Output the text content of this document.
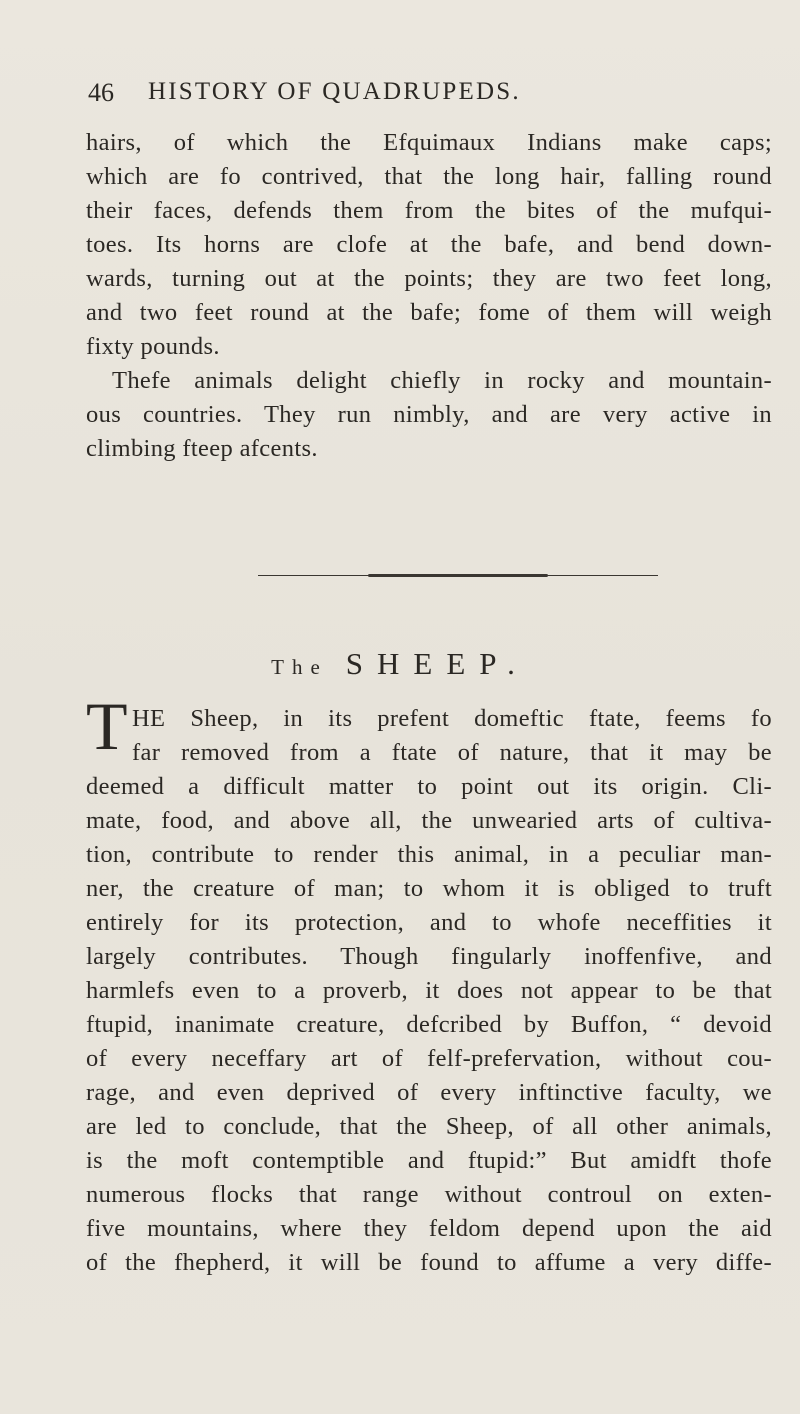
46 HISTORY OF QUADRUPEDS.
hairs, of which the Efquimaux Indians make caps;
which are fo contrived, that the long hair, falling round
their faces, defends them from the bites of the mufqui-
toes. Its horns are clofe at the bafe, and bend down-
wards, turning out at the points; they are two feet long,
and two feet round at the bafe; fome of them will weigh
fixty pounds.
Thefe animals delight chiefly in rocky and mountain-
ous countries. They run nimbly, and are very active in
climbing fteep afcents.
The SHEEP.
T HE Sheep, in its prefent domeftic ftate, feems fo
far removed from a ftate of nature, that it may be
deemed a difficult matter to point out its origin. Cli-
mate, food, and above all, the unwearied arts of cultiva-
tion, contribute to render this animal, in a peculiar man-
ner, the creature of man; to whom it is obliged to truft
entirely for its protection, and to whofe neceffities it
largely contributes. Though fingularly inoffenfive, and
harmlefs even to a proverb, it does not appear to be that
ftupid, inanimate creature, defcribed by Buffon, “ devoid
of every neceffary art of felf-prefervation, without cou-
rage, and even deprived of every inftinctive faculty, we
are led to conclude, that the Sheep, of all other animals,
is the moft contemptible and ftupid:” But amidft thofe
numerous flocks that range without controul on exten-
five mountains, where they feldom depend upon the aid
of the fhepherd, it will be found to affume a very diffe-
